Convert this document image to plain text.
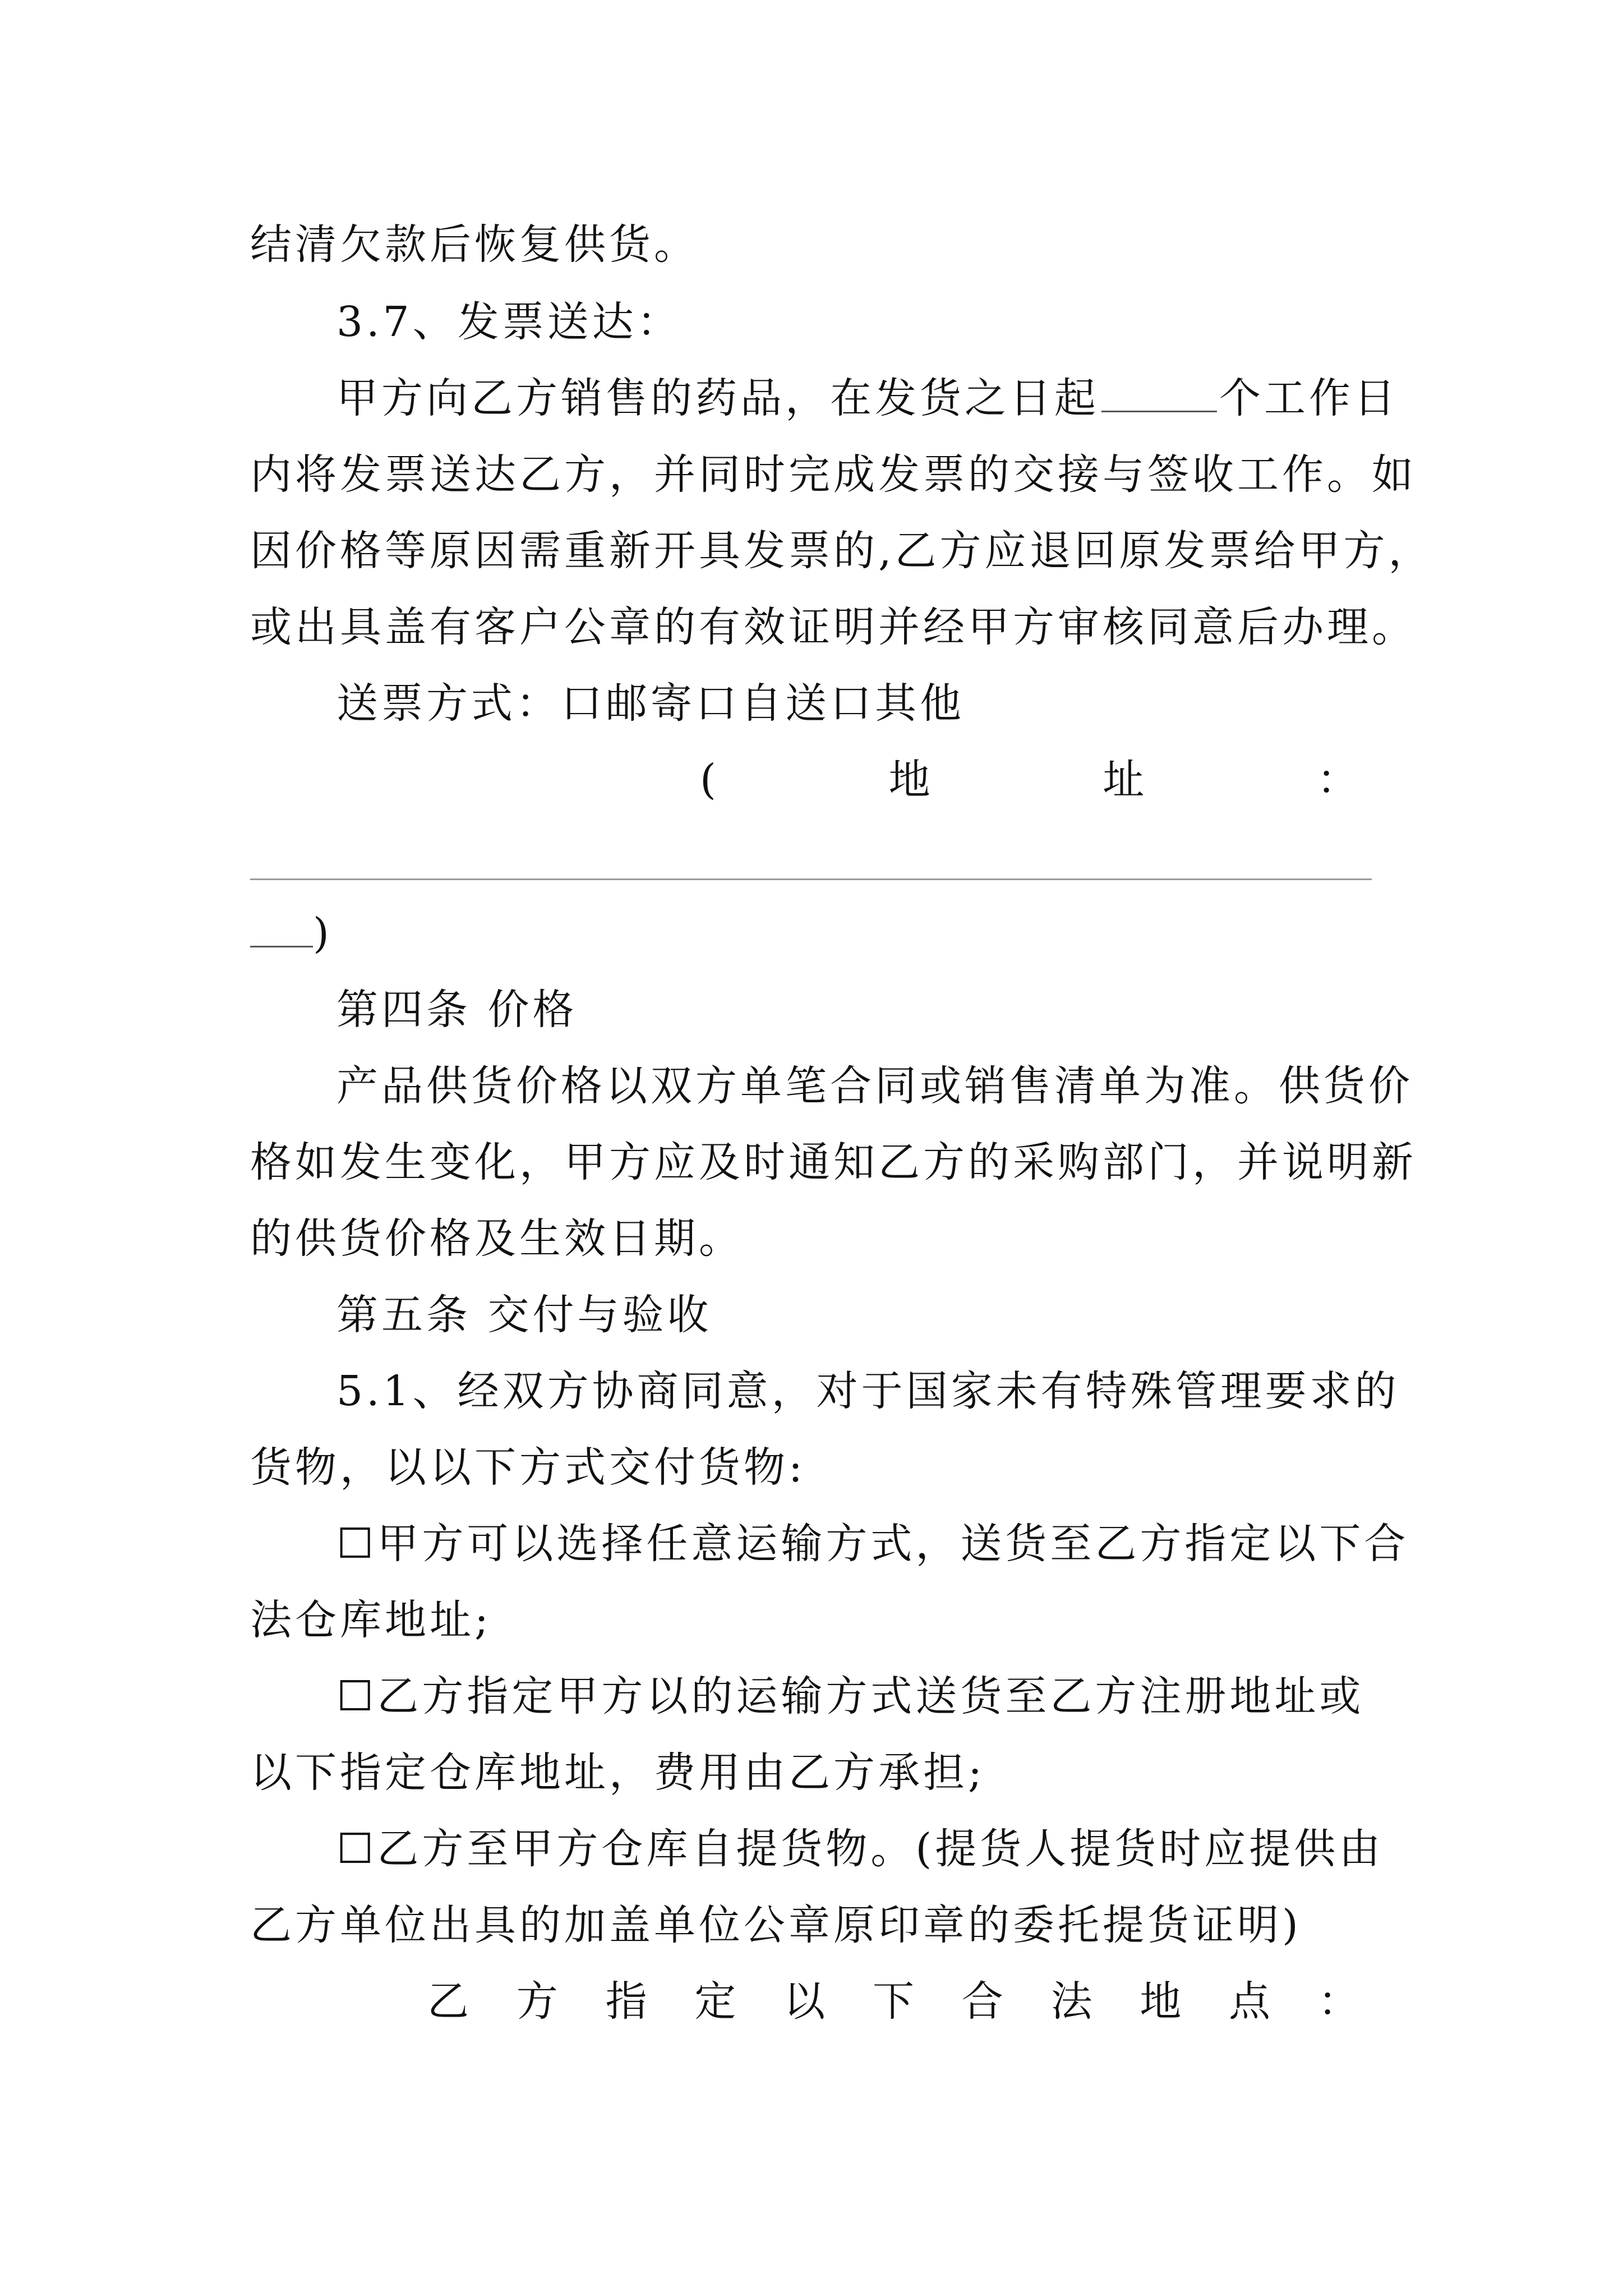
结清欠款后恢复供货。
3.7、发票送达：
甲方向乙方销售的药品，在发货之日起	个工作日
内将发票送达乙方，并同时完成发票的交接与签收工作。如
因价格等原因需重新开具发票的,乙方应退回原发票给甲方，
或出具盖有客户公章的有效证明并经甲方审核同意后办理。
送票方式：口邮寄口自送口其他
(	地	址	：
)
第四条 价格
产品供货价格以双方单笔合同或销售清单为准。供货价
格如发生变化，甲方应及时通知乙方的采购部门，并说明新
的供货价格及生效日期。
第五条 交付与验收
5.1、经双方协商同意，对于国家未有特殊管理要求的
货物，以以下方式交付货物:
☐甲方可以选择任意运输方式，送货至乙方指定以下合
法仓库地址;
☐乙方指定甲方以的运输方式送货至乙方注册地址或
以下指定仓库地址，费用由乙方承担;
☐乙方至甲方仓库自提货物。(提货人提货时应提供由
乙方单位出具的加盖单位公章原印章的委托提货证明)
乙 方 指 定 以 下 合 法 地 点 ：
